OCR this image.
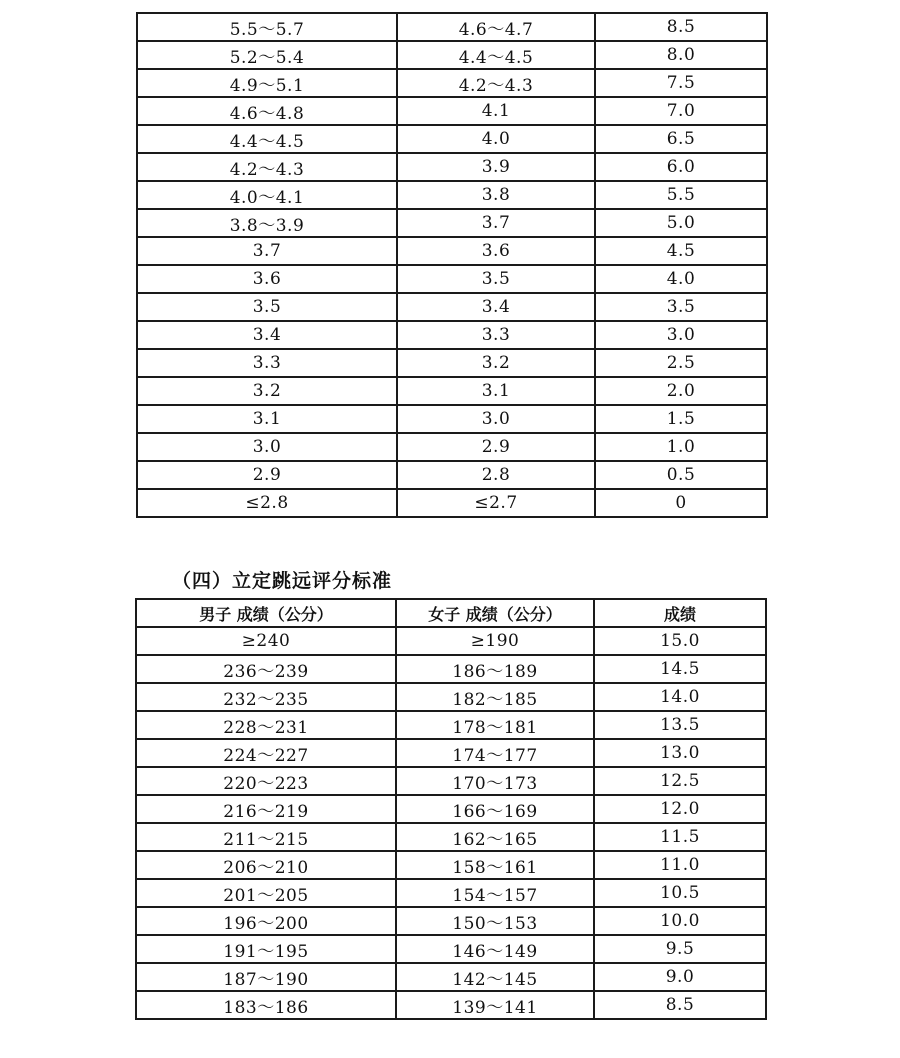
5.5～5.7	4.6～4.7	8.5
5.2～5.4	4.4～4.5	8.0
4.9～5.1	4.2～4.3	7.5
4.6～4.8	4.1	7.0
4.4～4.5	4.0	6.5
4.2～4.3	3.9	6.0
4.0～4.1	3.8	5.5
3.8～3.9	3.7	5.0
3.7	3.6	4.5
3.6	3.5	4.0
3.5	3.4	3.5
3.4	3.3	3.0
3.3	3.2	2.5
3.2	3.1	2.0
3.1	3.0	1.5
3.0	2.9	1.0
2.9	2.8	0.5
≤2.8	≤2.7	0
（四）立定跳远评分标准
男子 成绩（公分）	女子 成绩（公分）	成绩
≥240	≥190	15.0
236～239	186～189	14.5
232～235	182～185	14.0
228～231	178～181	13.5
224～227	174～177	13.0
220～223	170～173	12.5
216～219	166～169	12.0
211～215	162～165	11.5
206～210	158～161	11.0
201～205	154～157	10.5
196～200	150～153	10.0
191～195	146～149	9.5
187～190	142～145	9.0
183～186	139～141	8.5
